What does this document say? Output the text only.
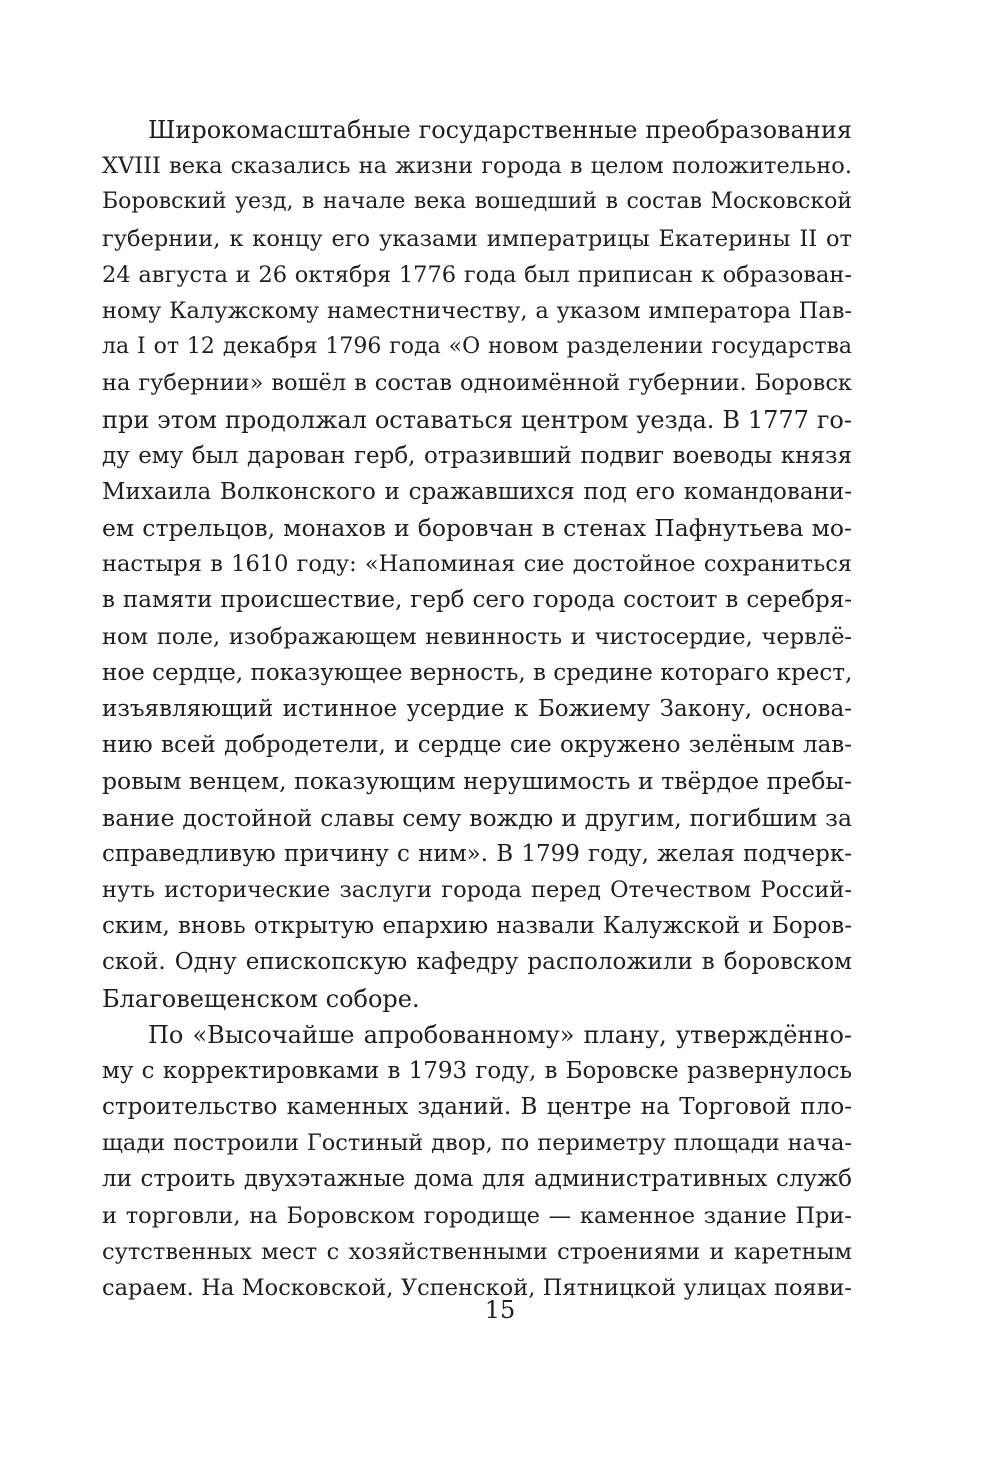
Широкомасштабные государственные преобразования
XVIII века сказались на жизни города в целом положительно.
Боровский уезд, в начале века вошедший в состав Московской
губернии, к концу его указами императрицы Екатерины II от
24 августа и 26 октября 1776 года был приписан к образован-
ному Калужскому наместничеству, а указом императора Пав-
ла I от 12 декабря 1796 года «О новом разделении государства
на губернии» вошёл в состав одноимённой губернии. Боровск
при этом продолжал оставаться центром уезда. В 1777 го-
ду ему был дарован герб, отразивший подвиг воеводы князя
Михаила Волконского и сражавшихся под его командовани-
ем стрельцов, монахов и боровчан в стенах Пафнутьева мо-
настыря в 1610 году: «Напоминая сие достойное сохраниться
в памяти происшествие, герб сего города состоит в серебря-
ном поле, изображающем невинность и чистосердие, червлё-
ное сердце, показующее верность, в средине котораго крест,
изъявляющий истинное усердие к Божиему Закону, основа-
нию всей добродетели, и сердце сие окружено зелёным лав-
ровым венцем, показующим нерушимость и твёрдое пребы-
вание достойной славы сему вождю и другим, погибшим за
справедливую причину с ним». В 1799 году, желая подчерк-
нуть исторические заслуги города перед Отечеством Россий-
ским, вновь открытую епархию назвали Калужской и Боров-
ской. Одну епископскую кафедру расположили в боровском
Благовещенском соборе.
По «Высочайше апробованному» плану, утверждённо-
му с корректировками в 1793 году, в Боровске развернулось
строительство каменных зданий. В центре на Торговой пло-
щади построили Гостиный двор, по периметру площади нача-
ли строить двухэтажные дома для административных служб
и торговли, на Боровском городище — каменное здание При-
сутственных мест с хозяйственными строениями и каретным
сараем. На Московской, Успенской, Пятницкой улицах появи-
15
